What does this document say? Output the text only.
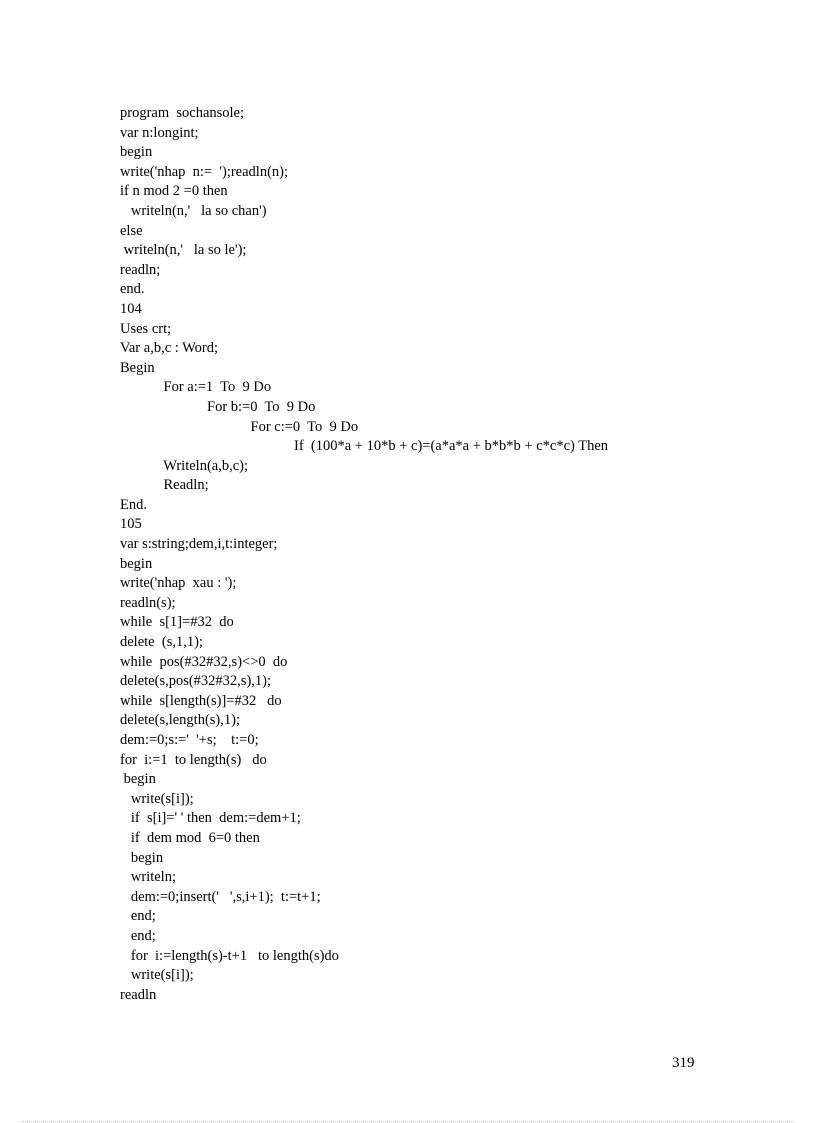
program  sochansole;
var n:longint;
begin
write('nhap  n:=  ');readln(n);
if n mod 2 =0 then
writeln(n,'   la so chan')
else
writeln(n,'   la so le');
readln;
end.
104
Uses crt;
Var a,b,c : Word;
Begin
For a:=1  To  9 Do
For b:=0  To  9 Do
For c:=0  To  9 Do
If  (100*a + 10*b + c)=(a*a*a + b*b*b + c*c*c) Then
Writeln(a,b,c);
Readln;
End.
105
var s:string;dem,i,t:integer;
begin
write('nhap  xau : ');
readln(s);
while  s[1]=#32  do
delete  (s,1,1);
while  pos(#32#32,s)<>0  do
delete(s,pos(#32#32,s),1);
while  s[length(s)]=#32   do
delete(s,length(s),1);
dem:=0;s:='  '+s;    t:=0;
for  i:=1  to length(s)   do
begin
write(s[i]);
if  s[i]=' ' then  dem:=dem+1;
if  dem mod  6=0 then
begin
writeln;
dem:=0;insert('   ',s,i+1);  t:=t+1;
end;
end;
for  i:=length(s)-t+1   to length(s)do
write(s[i]);
readln
319
